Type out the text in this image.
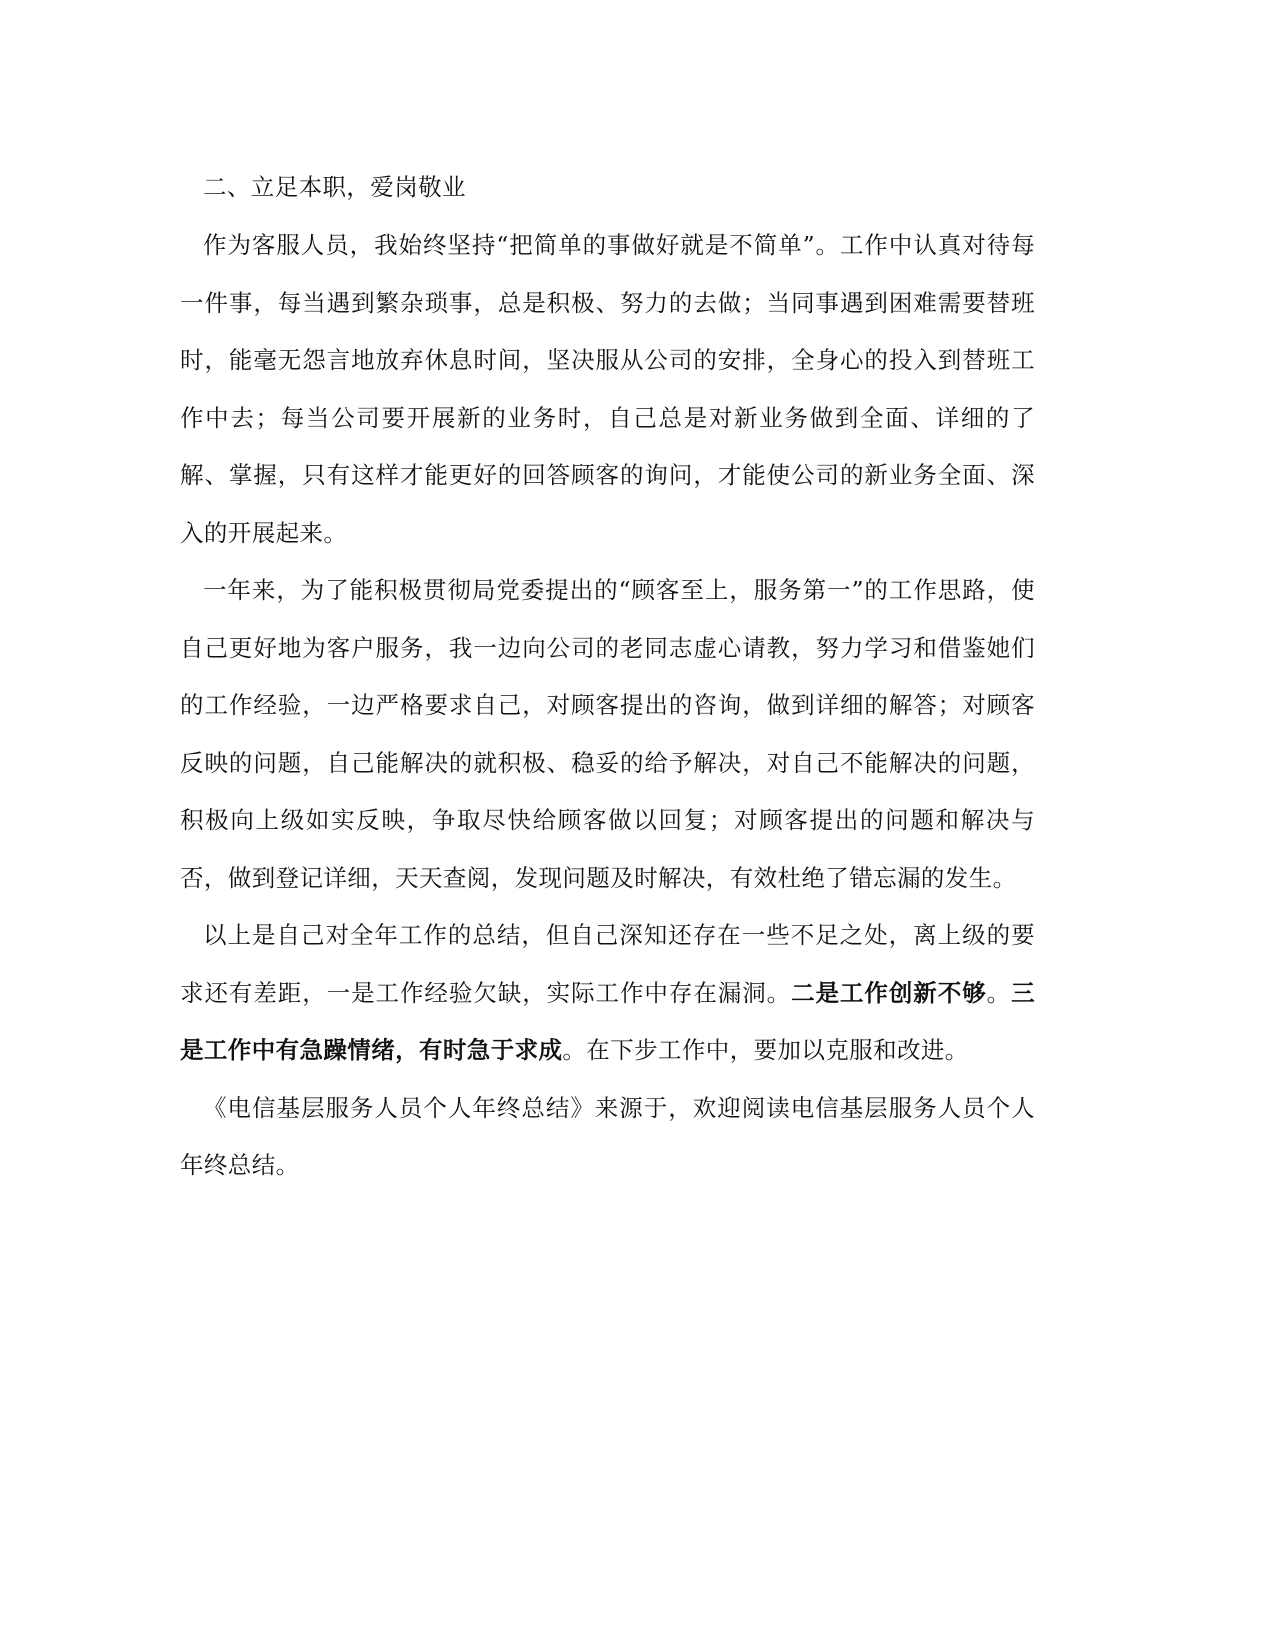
二、立足本职，爱岗敬业

作为客服人员，我始终坚持“把简单的事做好就是不简单”。工作中认真对待每一件事，每当遇到繁杂琐事，总是积极、努力的去做；当同事遇到困难需要替班时，能毫无怨言地放弃休息时间，坚决服从公司的安排，全身心的投入到替班工作中去；每当公司要开展新的业务时，自己总是对新业务做到全面、详细的了解、掌握，只有这样才能更好的回答顾客的询问，才能使公司的新业务全面、深入的开展起来。

一年来，为了能积极贯彻局党委提出的“顾客至上，服务第一”的工作思路，使自己更好地为客户服务，我一边向公司的老同志虚心请教，努力学习和借鉴她们的工作经验，一边严格要求自己，对顾客提出的咨询，做到详细的解答；对顾客反映的问题，自己能解决的就积极、稳妥的给予解决，对自己不能解决的问题，积极向上级如实反映，争取尽快给顾客做以回复；对顾客提出的问题和解决与否，做到登记详细，天天查阅，发现问题及时解决，有效杜绝了错忘漏的发生。

以上是自己对全年工作的总结，但自己深知还存在一些不足之处，离上级的要求还有差距，一是工作经验欠缺，实际工作中存在漏洞。二是工作创新不够。三是工作中有急躁情绪，有时急于求成。在下步工作中，要加以克服和改进。

《电信基层服务人员个人年终总结》来源于，欢迎阅读电信基层服务人员个人年终总结。
